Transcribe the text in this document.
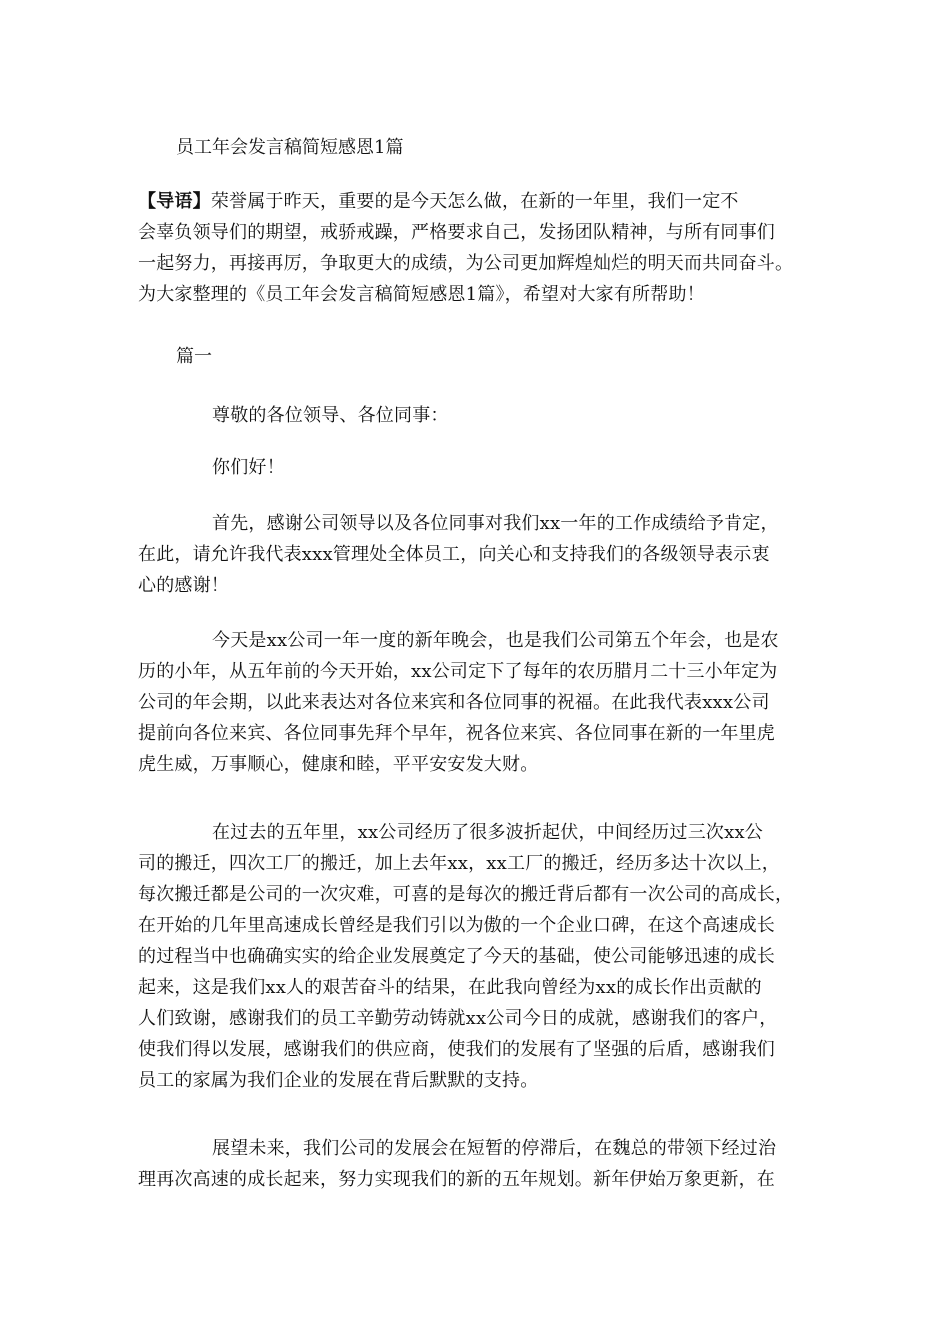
员工年会发言稿简短感恩1篇
【导语】荣誉属于昨天，重要的是今天怎么做，在新的一年里，我们一定不
会辜负领导们的期望，戒骄戒躁，严格要求自己，发扬团队精神，与所有同事们
一起努力，再接再厉，争取更大的成绩，为公司更加辉煌灿烂的明天而共同奋斗。
为大家整理的《员工年会发言稿简短感恩1篇》，希望对大家有所帮助！
篇一
尊敬的各位领导、各位同事：
你们好！
首先，感谢公司领导以及各位同事对我们xx一年的工作成绩给予肯定，
在此，请允许我代表xxx管理处全体员工，向关心和支持我们的各级领导表示衷
心的感谢！
今天是xx公司一年一度的新年晚会，也是我们公司第五个年会，也是农
历的小年，从五年前的今天开始，xx公司定下了每年的农历腊月二十三小年定为
公司的年会期，以此来表达对各位来宾和各位同事的祝福。在此我代表xxx公司
提前向各位来宾、各位同事先拜个早年，祝各位来宾、各位同事在新的一年里虎
虎生威，万事顺心，健康和睦，平平安安发大财。
在过去的五年里，xx公司经历了很多波折起伏，中间经历过三次xx公
司的搬迁，四次工厂的搬迁，加上去年xx，xx工厂的搬迁，经历多达十次以上，
每次搬迁都是公司的一次灾难，可喜的是每次的搬迁背后都有一次公司的高成长，
在开始的几年里高速成长曾经是我们引以为傲的一个企业口碑，在这个高速成长
的过程当中也确确实实的给企业发展奠定了今天的基础，使公司能够迅速的成长
起来，这是我们xx人的艰苦奋斗的结果，在此我向曾经为xx的成长作出贡献的
人们致谢，感谢我们的员工辛勤劳动铸就xx公司今日的成就，感谢我们的客户，
使我们得以发展，感谢我们的供应商，使我们的发展有了坚强的后盾，感谢我们
员工的家属为我们企业的发展在背后默默的支持。
展望未来，我们公司的发展会在短暂的停滞后，在魏总的带领下经过治
理再次高速的成长起来，努力实现我们的新的五年规划。新年伊始万象更新，在
